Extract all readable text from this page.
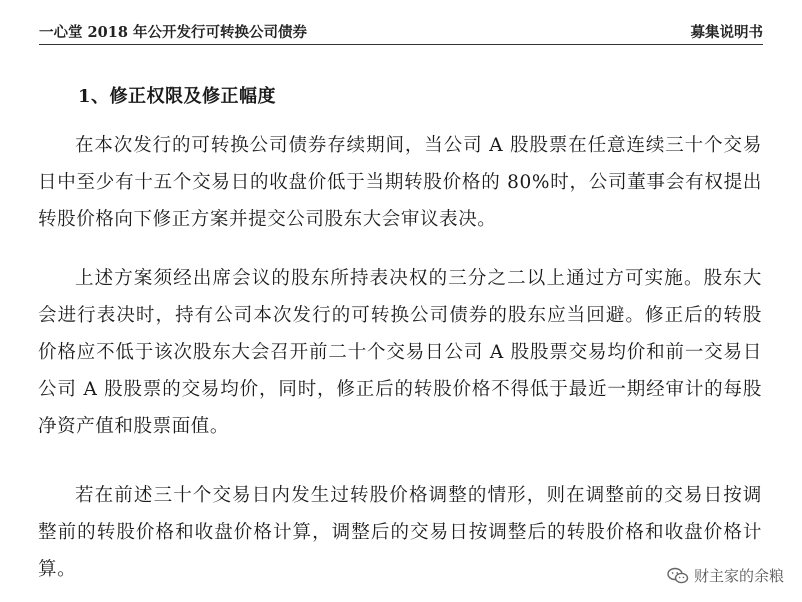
一心堂 2018 年公开发行可转换公司债券	募集说明书
1、修正权限及修正幅度

在本次发行的可转换公司债券存续期间，当公司 A 股股票在任意连续三十个交易日中至少有十五个交易日的收盘价低于当期转股价格的 80%时，公司董事会有权提出转股价格向下修正方案并提交公司股东大会审议表决。

上述方案须经出席会议的股东所持表决权的三分之二以上通过方可实施。股东大会进行表决时，持有公司本次发行的可转换公司债券的股东应当回避。修正后的转股价格应不低于该次股东大会召开前二十个交易日公司 A 股股票交易均价和前一交易日公司 A 股股票的交易均价，同时，修正后的转股价格不得低于最近一期经审计的每股净资产值和股票面值。

若在前述三十个交易日内发生过转股价格调整的情形，则在调整前的交易日按调整前的转股价格和收盘价格计算，调整后的交易日按调整后的转股价格和收盘价格计算。	财主家的余粮
